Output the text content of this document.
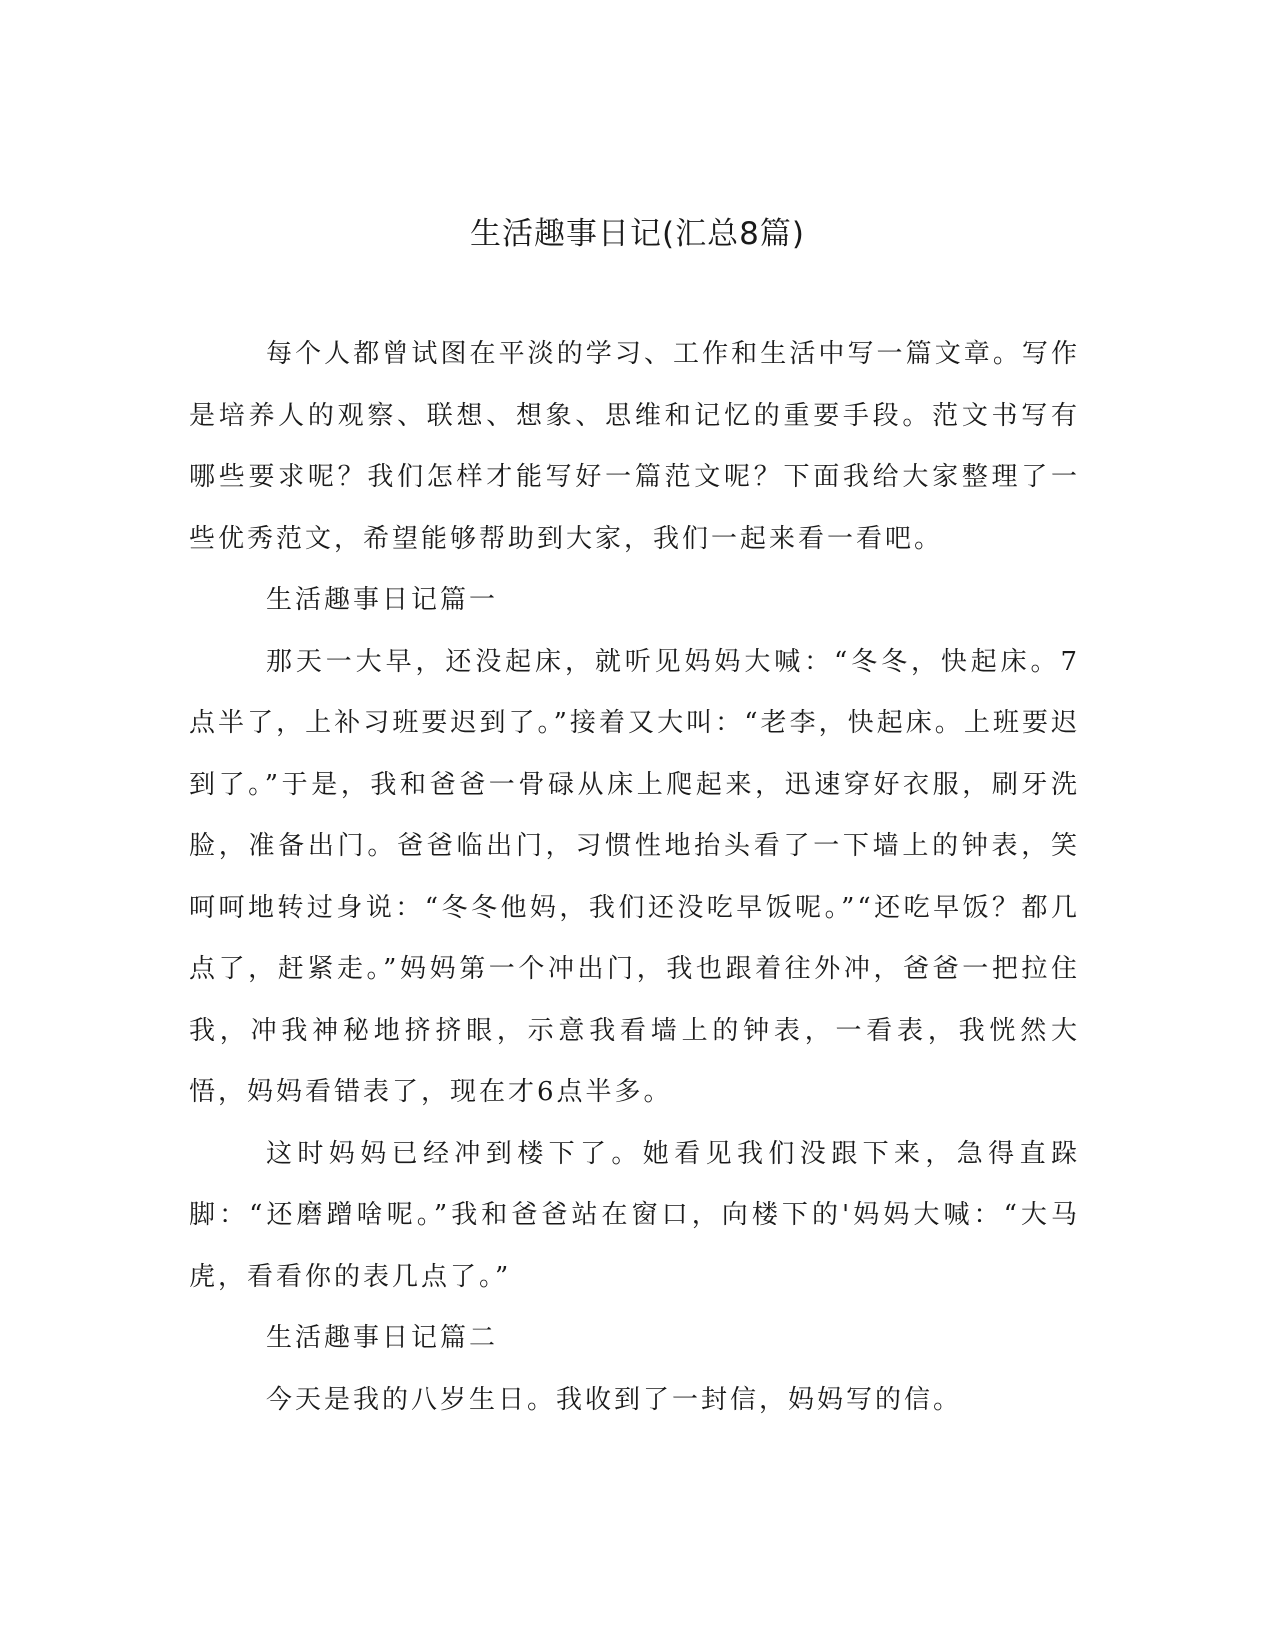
生活趣事日记(汇总8篇)

每个人都曾试图在平淡的学习、工作和生活中写一篇文章。写作是培养人的观察、联想、想象、思维和记忆的重要手段。范文书写有哪些要求呢？我们怎样才能写好一篇范文呢？下面我给大家整理了一些优秀范文，希望能够帮助到大家，我们一起来看一看吧。

生活趣事日记篇一

那天一大早，还没起床，就听见妈妈大喊：“冬冬，快起床。7点半了，上补习班要迟到了。”接着又大叫：“老李，快起床。上班要迟到了。”于是，我和爸爸一骨碌从床上爬起来，迅速穿好衣服，刷牙洗脸，准备出门。爸爸临出门，习惯性地抬头看了一下墙上的钟表，笑呵呵地转过身说：“冬冬他妈，我们还没吃早饭呢。”“还吃早饭？都几点了，赶紧走。”妈妈第一个冲出门，我也跟着往外冲，爸爸一把拉住我，冲我神秘地挤挤眼，示意我看墙上的钟表，一看表，我恍然大悟，妈妈看错表了，现在才6点半多。

这时妈妈已经冲到楼下了。她看见我们没跟下来，急得直跺脚：“还磨蹭啥呢。”我和爸爸站在窗口，向楼下的'妈妈大喊：“大马虎，看看你的表几点了。”

生活趣事日记篇二

今天是我的八岁生日。我收到了一封信，妈妈写的信。
